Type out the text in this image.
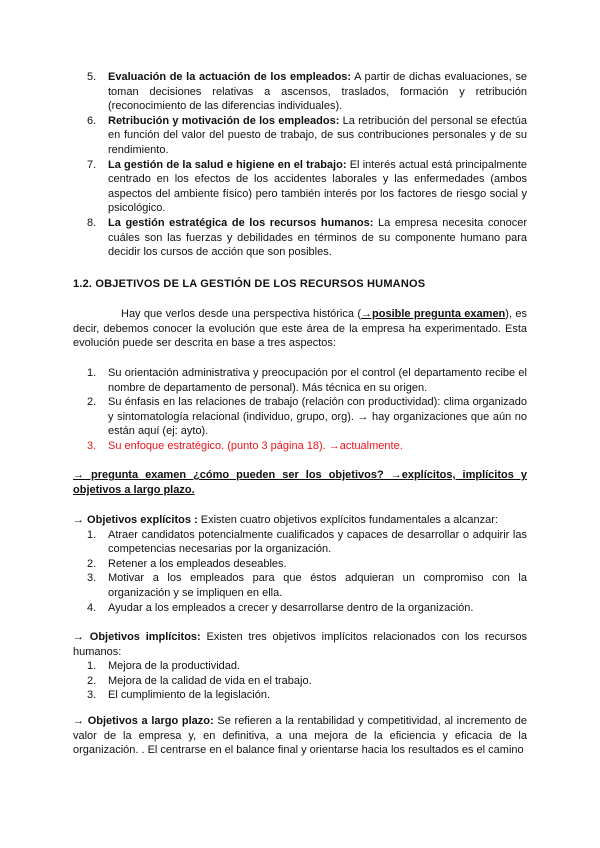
5. Evaluación de la actuación de los empleados: A partir de dichas evaluaciones, se toman decisiones relativas a ascensos, traslados, formación y retribución (reconocimiento de las diferencias individuales).
6. Retribución y motivación de los empleados: La retribución del personal se efectúa en función del valor del puesto de trabajo, de sus contribuciones personales y de su rendimiento.
7. La gestión de la salud e higiene en el trabajo: El interés actual está principalmente centrado en los efectos de los accidentes laborales y las enfermedades (ambos aspectos del ambiente físico) pero también interés por los factores de riesgo social y psicológico.
8. La gestión estratégica de los recursos humanos: La empresa necesita conocer cuáles son las fuerzas y debilidades en términos de su componente humano para decidir los cursos de acción que son posibles.
1.2. OBJETIVOS DE LA GESTIÓN DE LOS RECURSOS HUMANOS
Hay que verlos desde una perspectiva histórica (→posible pregunta examen), es decir, debemos conocer la evolución que este área de la empresa ha experimentado. Esta evolución puede ser descrita en base a tres aspectos:
1. Su orientación administrativa y preocupación por el control (el departamento recibe el nombre de departamento de personal). Más técnica en su origen.
2. Su énfasis en las relaciones de trabajo (relación con productividad): clima organizado y sintomatología relacional (individuo, grupo, org). → hay organizaciones que aún no están aquí (ej: ayto).
3. Su enfoque estratégico. (punto 3 página 18). →actualmente.
→ pregunta examen ¿cómo pueden ser los objetivos? →explícitos, implícitos y objetivos a largo plazo.
→ Objetivos explícitos : Existen cuatro objetivos explícitos fundamentales a alcanzar:
1. Atraer candidatos potencialmente cualificados y capaces de desarrollar o adquirir las competencias necesarias por la organización.
2. Retener a los empleados deseables.
3. Motivar a los empleados para que éstos adquieran un compromiso con la organización y se impliquen en ella.
4. Ayudar a los empleados a crecer y desarrollarse dentro de la organización.
→ Objetivos implícitos: Existen tres objetivos implícitos relacionados con los recursos humanos:
1. Mejora de la productividad.
2. Mejora de la calidad de vida en el trabajo.
3. El cumplimiento de la legislación.
→ Objetivos a largo plazo: Se refieren a la rentabilidad y competitividad, al incremento de valor de la empresa y, en definitiva, a una mejora de la eficiencia y eficacia de la organización. . El centrarse en el balance final y orientarse hacia los resultados es el camino
